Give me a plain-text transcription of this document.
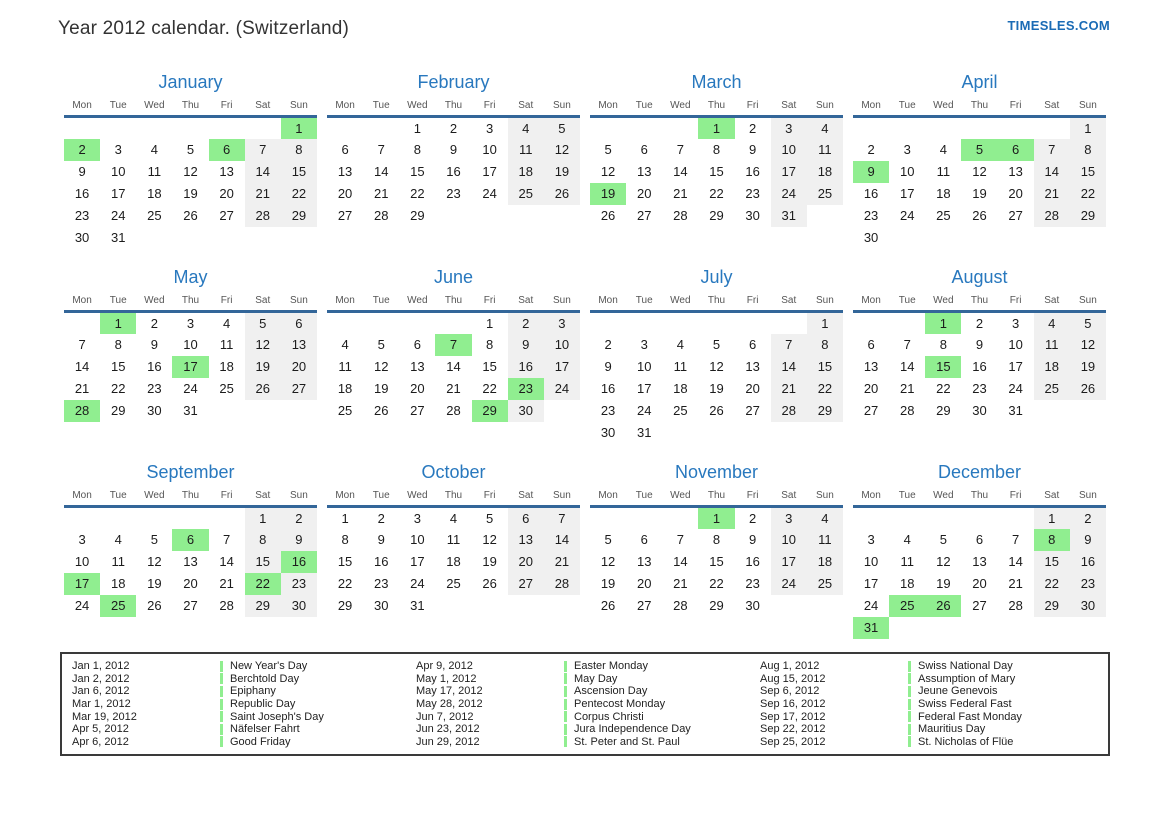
Year 2012 calendar. (Switzerland)	TIMESLES.COM
January
Mon	Tue	Wed	Thu	Fri	Sat	Sun
						1
2	3	4	5	6	7	8
9	10	11	12	13	14	15
16	17	18	19	20	21	22
23	24	25	26	27	28	29
30	31					
February
Mon	Tue	Wed	Thu	Fri	Sat	Sun
		1	2	3	4	5
6	7	8	9	10	11	12
13	14	15	16	17	18	19
20	21	22	23	24	25	26
27	28	29				

March
Mon	Tue	Wed	Thu	Fri	Sat	Sun
			1	2	3	4
5	6	7	8	9	10	11
12	13	14	15	16	17	18
19	20	21	22	23	24	25
26	27	28	29	30	31	

April
Mon	Tue	Wed	Thu	Fri	Sat	Sun
						1
2	3	4	5	6	7	8
9	10	11	12	13	14	15
16	17	18	19	20	21	22
23	24	25	26	27	28	29
30						
May
Mon	Tue	Wed	Thu	Fri	Sat	Sun
	1	2	3	4	5	6
7	8	9	10	11	12	13
14	15	16	17	18	19	20
21	22	23	24	25	26	27
28	29	30	31			

June
Mon	Tue	Wed	Thu	Fri	Sat	Sun
				1	2	3
4	5	6	7	8	9	10
11	12	13	14	15	16	17
18	19	20	21	22	23	24
25	26	27	28	29	30	

July
Mon	Tue	Wed	Thu	Fri	Sat	Sun
						1
2	3	4	5	6	7	8
9	10	11	12	13	14	15
16	17	18	19	20	21	22
23	24	25	26	27	28	29
30	31					
August
Mon	Tue	Wed	Thu	Fri	Sat	Sun
		1	2	3	4	5
6	7	8	9	10	11	12
13	14	15	16	17	18	19
20	21	22	23	24	25	26
27	28	29	30	31		

September
Mon	Tue	Wed	Thu	Fri	Sat	Sun
					1	2
3	4	5	6	7	8	9
10	11	12	13	14	15	16
17	18	19	20	21	22	23
24	25	26	27	28	29	30

October
Mon	Tue	Wed	Thu	Fri	Sat	Sun
1	2	3	4	5	6	7
8	9	10	11	12	13	14
15	16	17	18	19	20	21
22	23	24	25	26	27	28
29	30	31				

November
Mon	Tue	Wed	Thu	Fri	Sat	Sun
			1	2	3	4
5	6	7	8	9	10	11
12	13	14	15	16	17	18
19	20	21	22	23	24	25
26	27	28	29	30		

December
Mon	Tue	Wed	Thu	Fri	Sat	Sun
					1	2
3	4	5	6	7	8	9
10	11	12	13	14	15	16
17	18	19	20	21	22	23
24	25	26	27	28	29	30
31						
Jan 1, 2012	New Year's Day
Jan 2, 2012	Berchtold Day
Jan 6, 2012	Epiphany
Mar 1, 2012	Republic Day
Mar 19, 2012	Saint Joseph's Day
Apr 5, 2012	Näfelser Fahrt
Apr 6, 2012	Good Friday
Apr 9, 2012	Easter Monday
May 1, 2012	May Day
May 17, 2012	Ascension Day
May 28, 2012	Pentecost Monday
Jun 7, 2012	Corpus Christi
Jun 23, 2012	Jura Independence Day
Jun 29, 2012	St. Peter and St. Paul
Aug 1, 2012	Swiss National Day
Aug 15, 2012	Assumption of Mary
Sep 6, 2012	Jeune Genevois
Sep 16, 2012	Swiss Federal Fast
Sep 17, 2012	Federal Fast Monday
Sep 22, 2012	Mauritius Day
Sep 25, 2012	St. Nicholas of Flüe
